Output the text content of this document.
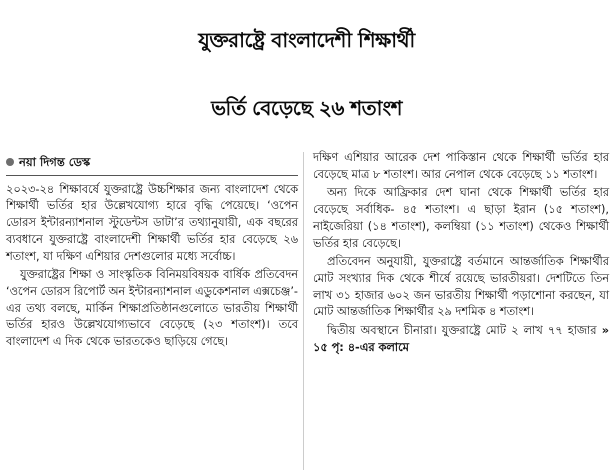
যুক্তরাষ্ট্রে বাংলাদেশী শিক্ষার্থী
ভর্তি বেড়েছে ২৬ শতাংশ
নয়া দিগন্ত ডেস্ক

২০২৩-২৪ শিক্ষাবর্ষে যুক্তরাষ্ট্রে উচ্চশিক্ষার জন্য বাংলাদেশ থেকে শিক্ষার্থী ভর্তির হার উল্লেখযোগ্য হারে বৃদ্ধি পেয়েছে। ‘ওপেন ডোরস ইন্টারন্যাশনাল স্টুডেন্টস ডাটা’র তথ্যানুযায়ী, এক বছরের ব্যবধানে যুক্তরাষ্ট্রে বাংলাদেশী শিক্ষার্থী ভর্তির হার বেড়েছে ২৬ শতাংশ, যা দক্ষিণ এশিয়ার দেশগুলোর মধ্যে সর্বোচ্চ।

যুক্তরাষ্ট্রের শিক্ষা ও সাংস্কৃতিক বিনিময়বিষয়ক বার্ষিক প্রতিবেদন ‘ওপেন ডোরস রিপোর্ট অন ইন্টারন্যাশনাল এডুকেশনাল এক্সচেঞ্জ’-এর তথ্য বলছে, মার্কিন শিক্ষাপ্রতিষ্ঠানগুলোতে ভারতীয় শিক্ষার্থী ভর্তির হারও উল্লেখযোগ্যভাবে বেড়েছে (২৩ শতাংশ)। তবে বাংলাদেশ এ দিক থেকে ভারতকেও ছাড়িয়ে গেছে।

দক্ষিণ এশিয়ার আরেক দেশ পাকিস্তান থেকে শিক্ষার্থী ভর্তির হার বেড়েছে মাত্র ৮ শতাংশ। আর নেপাল থেকে বেড়েছে ১১ শতাংশ।

অন্য দিকে আফ্রিকার দেশ ঘানা থেকে শিক্ষার্থী ভর্তির হার বেড়েছে সর্বাধিক- ৪৫ শতাংশ। এ ছাড়া ইরান (১৫ শতাংশ), নাইজেরিয়া (১৪ শতাংশ), কলম্বিয়া (১১ শতাংশ) থেকেও শিক্ষার্থী ভর্তির হার বেড়েছে।

প্রতিবেদন অনুযায়ী, যুক্তরাষ্ট্রে বর্তমানে আন্তর্জাতিক শিক্ষার্থীর মোট সংখ্যার দিক থেকে শীর্ষে রয়েছে ভারতীয়রা। দেশটিতে তিন লাখ ৩১ হাজার ৬০২ জন ভারতীয় শিক্ষার্থী পড়াশোনা করছেন, যা মোট আন্তর্জাতিক শিক্ষার্থীর ২৯ দশমিক ৪ শতাংশ।

দ্বিতীয় অবস্থানে চীনারা। যুক্তরাষ্ট্রে মোট ২ লাখ ৭৭ হাজার » ১৫ পৃ: ৪-এর কলামে
